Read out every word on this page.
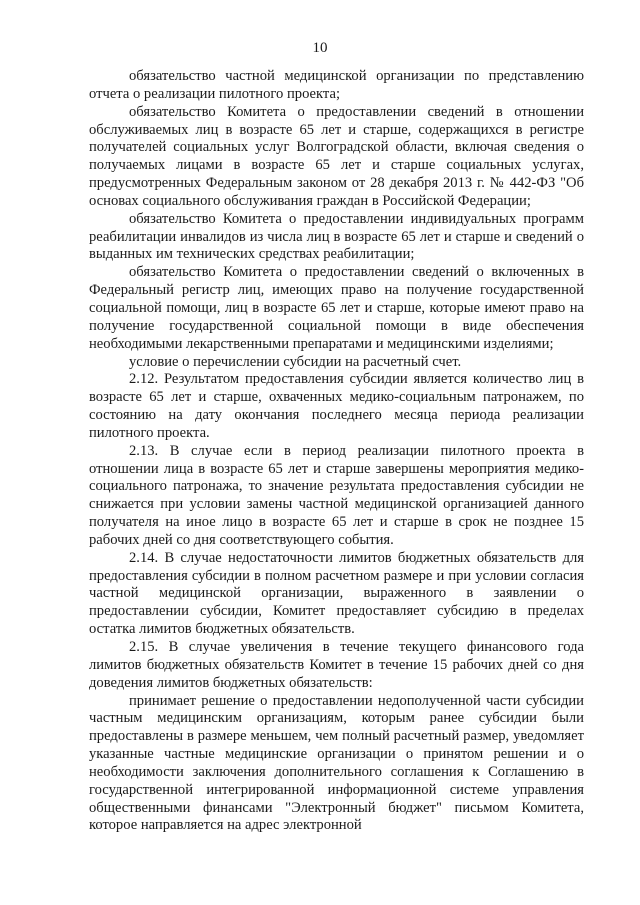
10

обязательство частной медицинской организации по представлению отчета о реализации пилотного проекта;

обязательство Комитета о предоставлении сведений в отношении обслуживаемых лиц в возрасте 65 лет и старше, содержащихся в регистре получателей социальных услуг Волгоградской области, включая сведения о получаемых лицами в возрасте 65 лет и старше социальных услугах, предусмотренных Федеральным законом от 28 декабря 2013 г. № 442-ФЗ "Об основах социального обслуживания граждан в Российской Федерации;

обязательство Комитета о предоставлении индивидуальных программ реабилитации инвалидов из числа лиц в возрасте 65 лет и старше и сведений о выданных им технических средствах реабилитации;

обязательство Комитета о предоставлении сведений о включенных в Федеральный регистр лиц, имеющих право на получение государственной социальной помощи, лиц в возрасте 65 лет и старше, которые имеют право на получение государственной социальной помощи в виде обеспечения необходимыми лекарственными препаратами и медицинскими изделиями;

условие о перечислении субсидии на расчетный счет.

2.12. Результатом предоставления субсидии является количество лиц в возрасте 65 лет и старше, охваченных медико-социальным патронажем, по состоянию на дату окончания последнего месяца периода реализации пилотного проекта.

2.13. В случае если в период реализации пилотного проекта в отношении лица в возрасте 65 лет и старше завершены мероприятия медико-социального патронажа, то значение результата предоставления субсидии не снижается при условии замены частной медицинской организацией данного получателя на иное лицо в возрасте 65 лет и старше в срок не позднее 15 рабочих дней со дня соответствующего события.

2.14. В случае недостаточности лимитов бюджетных обязательств для предоставления субсидии в полном расчетном размере и при условии согласия частной медицинской организации, выраженного в заявлении о предоставлении субсидии, Комитет предоставляет субсидию в пределах остатка лимитов бюджетных обязательств.

2.15. В случае увеличения в течение текущего финансового года лимитов бюджетных обязательств Комитет в течение 15 рабочих дней со дня доведения лимитов бюджетных обязательств:

принимает решение о предоставлении недополученной части субсидии частным медицинским организациям, которым ранее субсидии были предоставлены в размере меньшем, чем полный расчетный размер, уведомляет указанные частные медицинские организации о принятом решении и о необходимости заключения дополнительного соглашения к Соглашению в государственной интегрированной информационной системе управления общественными финансами "Электронный бюджет" письмом Комитета, которое направляется на адрес электронной
